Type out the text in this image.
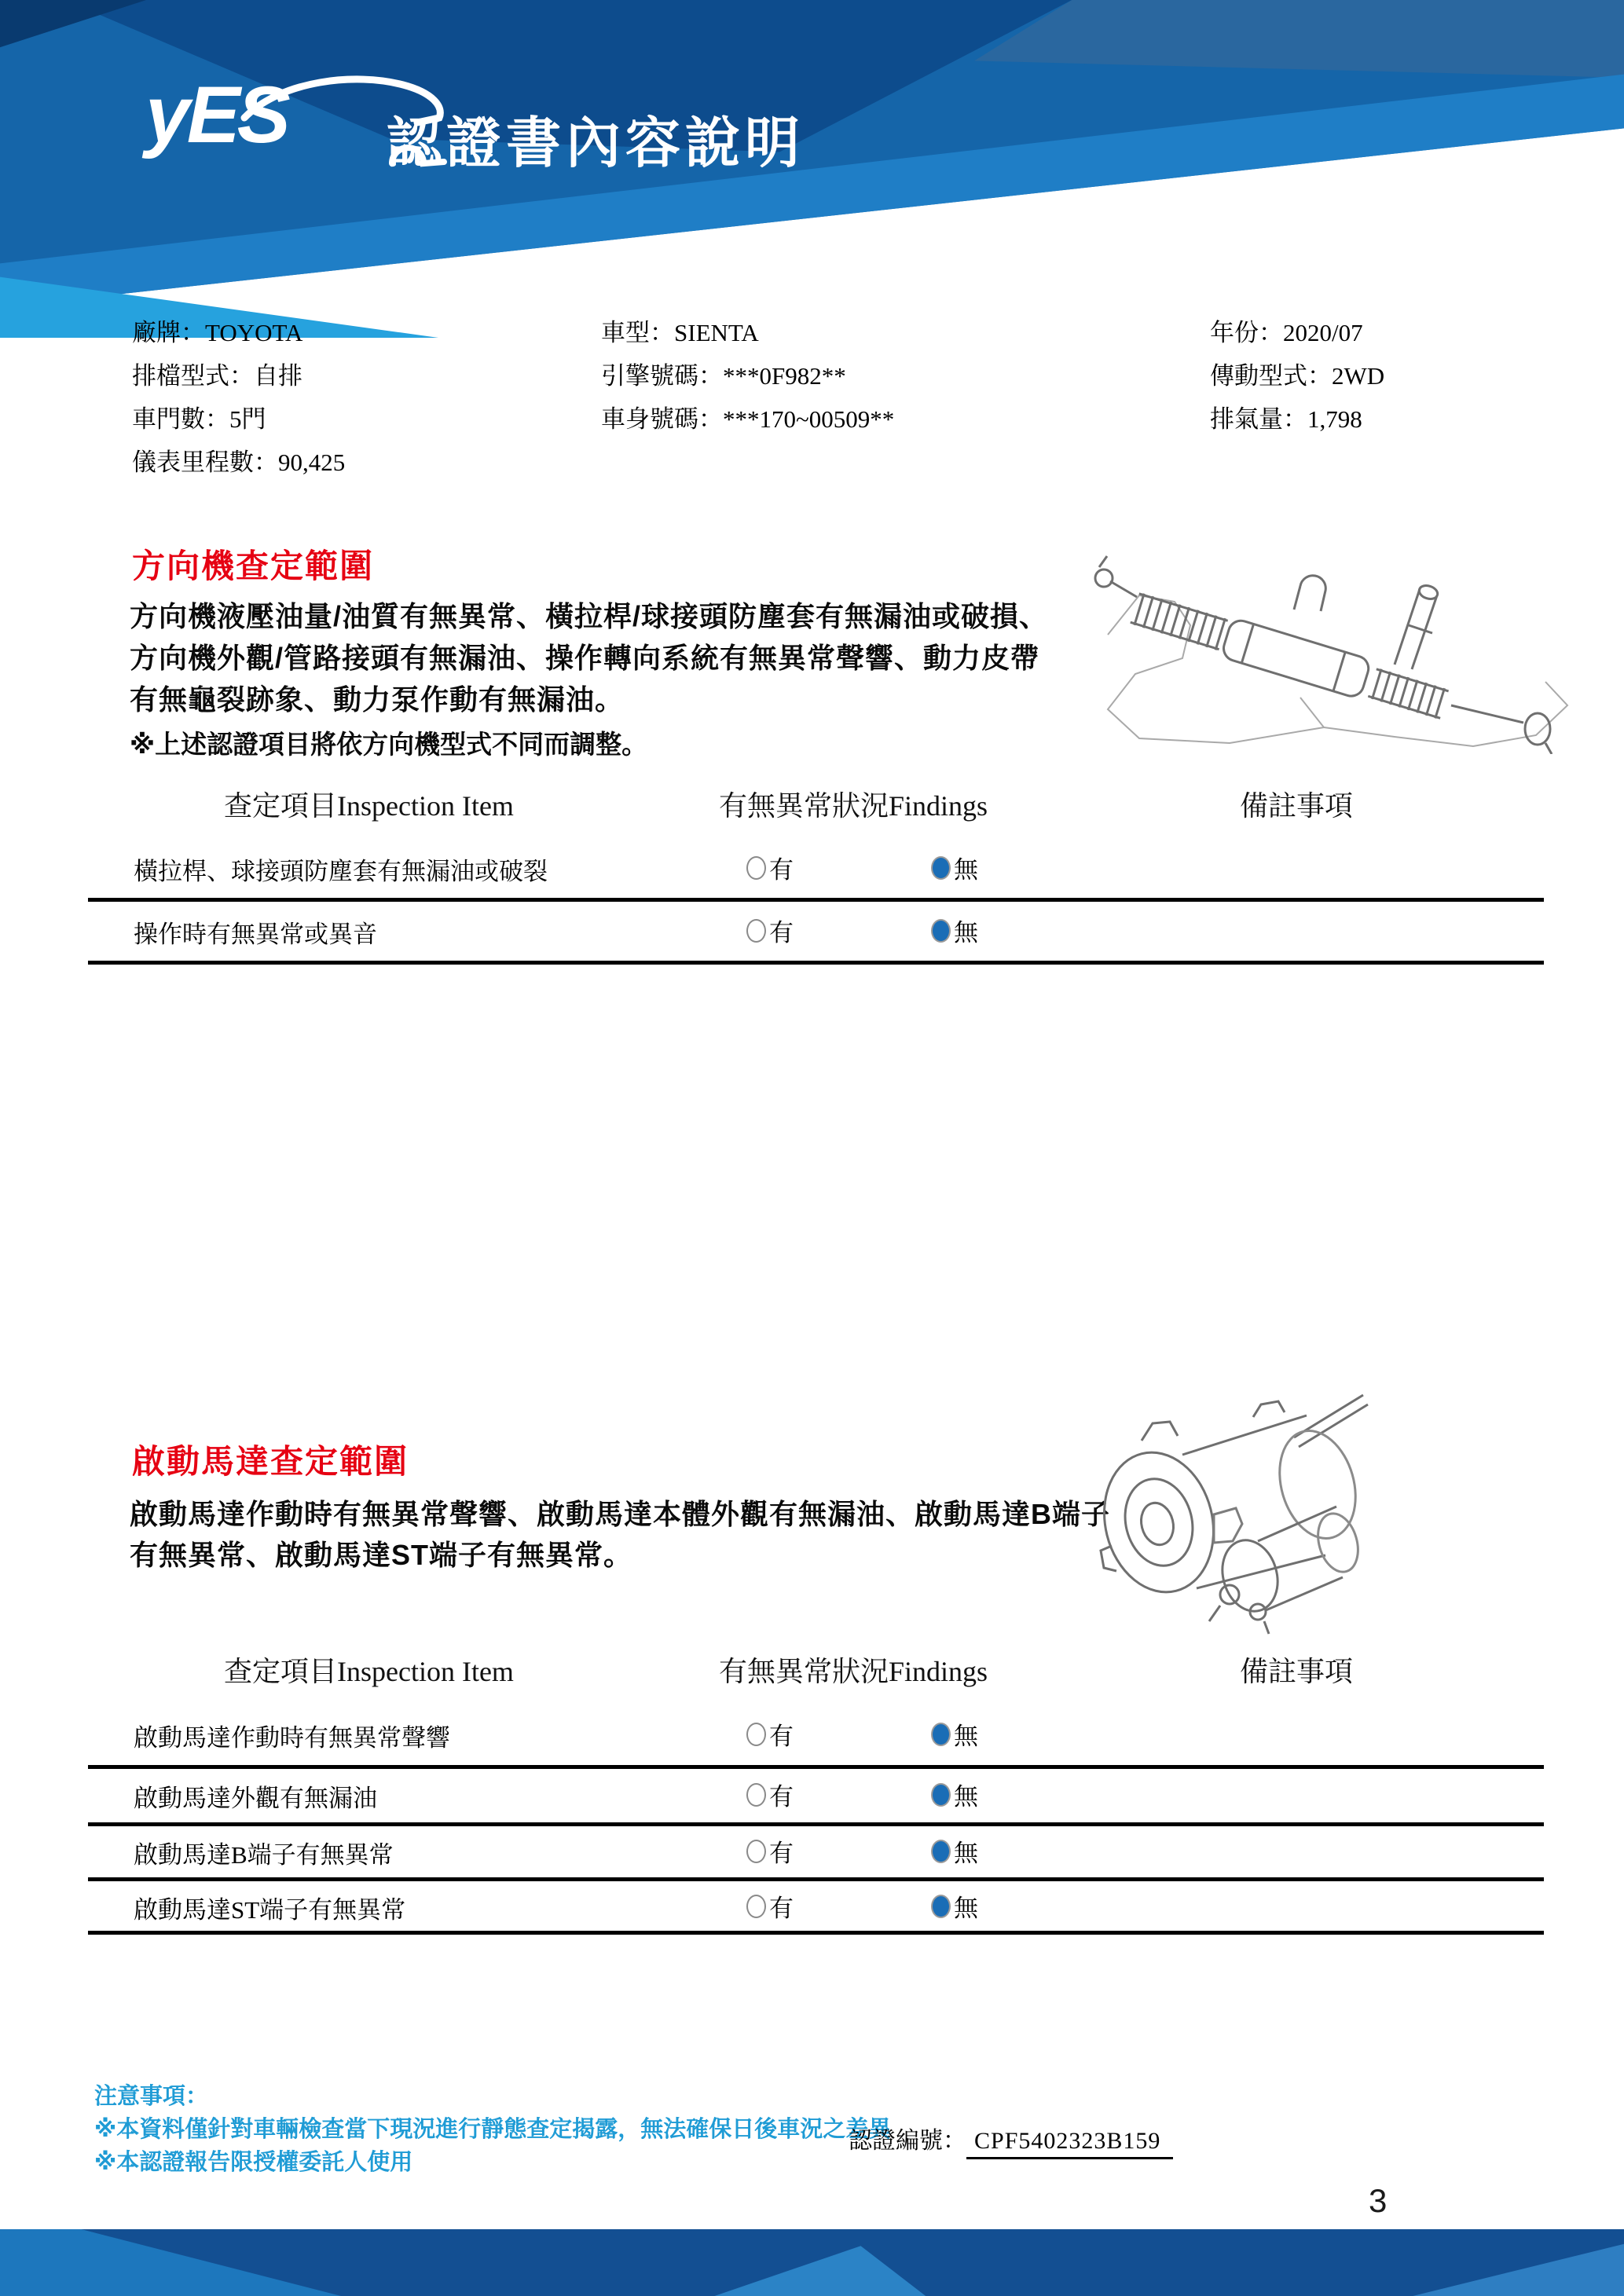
yES 認證書內容說明
廠牌：TOYOTA
排檔型式：自排
車門數：5門
儀表里程數：90,425
車型：SIENTA
引擎號碼：***0F982**
車身號碼：***170~00509**
年份：2020/07
傳動型式：2WD
排氣量：1,798
方向機查定範圍
方向機液壓油量/油質有無異常、橫拉桿/球接頭防塵套有無漏油或破損、
方向機外觀/管路接頭有無漏油、操作轉向系統有無異常聲響、動力皮帶
有無龜裂跡象、動力泵作動有無漏油。
※上述認證項目將依方向機型式不同而調整。
查定項目Inspection Item	有無異常狀況Findings	備註事項
橫拉桿、球接頭防塵套有無漏油或破裂	有	無
操作時有無異常或異音	有	無
啟動馬達查定範圍
啟動馬達作動時有無異常聲響、啟動馬達本體外觀有無漏油、啟動馬達B端子
有無異常、啟動馬達ST端子有無異常。
查定項目Inspection Item	有無異常狀況Findings	備註事項
啟動馬達作動時有無異常聲響	有	無
啟動馬達外觀有無漏油	有	無
啟動馬達B端子有無異常	有	無
啟動馬達ST端子有無異常	有	無
注意事項：
※本資料僅針對車輛檢查當下現況進行靜態查定揭露，無法確保日後車況之差異
※本認證報告限授權委託人使用
認證編號： CPF5402323B159
3
